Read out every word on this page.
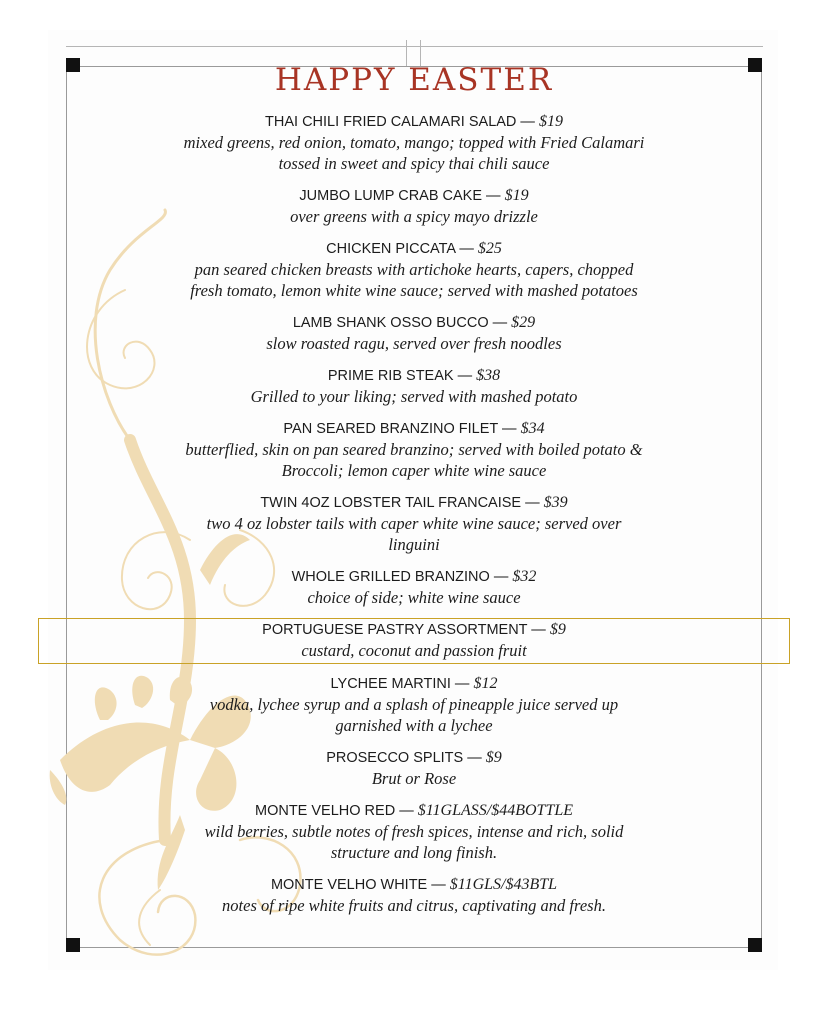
HAPPY EASTER
THAI CHILI FRIED CALAMARI SALAD — $19
mixed greens, red onion, tomato, mango; topped with Fried Calamari
tossed in sweet and spicy thai chili sauce
JUMBO LUMP CRAB CAKE — $19
over greens with a spicy mayo drizzle
CHICKEN PICCATA — $25
pan seared chicken breasts with artichoke hearts, capers, chopped
fresh tomato, lemon white wine sauce; served with mashed potatoes
LAMB SHANK OSSO BUCCO — $29
slow roasted ragu, served over fresh noodles
PRIME RIB STEAK — $38
Grilled to your liking; served with mashed potato
PAN SEARED BRANZINO FILET — $34
butterflied, skin on pan seared branzino; served with boiled potato &
Broccoli; lemon caper white wine sauce
TWIN 4OZ LOBSTER TAIL FRANCAISE — $39
two 4 oz lobster tails with caper white wine sauce; served over
linguini
WHOLE GRILLED BRANZINO — $32
choice of side; white wine sauce
PORTUGUESE PASTRY ASSORTMENT — $9
custard, coconut and passion fruit
LYCHEE MARTINI — $12
vodka, lychee syrup and a splash of pineapple juice served up
garnished with a lychee
PROSECCO SPLITS — $9
Brut or Rose
MONTE VELHO RED — $11GLASS/$44BOTTLE
wild berries, subtle notes of fresh spices, intense and rich, solid
structure and long finish.
MONTE VELHO WHITE — $11GLS/$43BTL
notes of ripe white fruits and citrus, captivating and fresh.
